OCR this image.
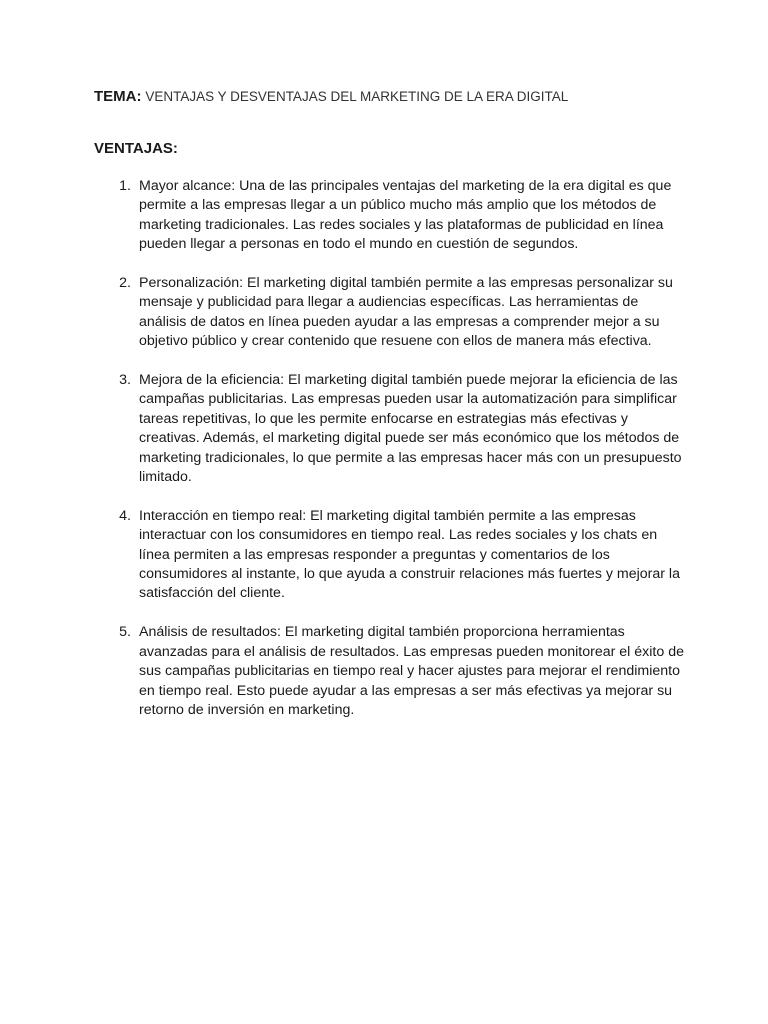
TEMA: VENTAJAS Y DESVENTAJAS DEL MARKETING DE LA ERA DIGITAL
VENTAJAS:
1. Mayor alcance: Una de las principales ventajas del marketing de la era digital es que permite a las empresas llegar a un público mucho más amplio que los métodos de marketing tradicionales. Las redes sociales y las plataformas de publicidad en línea pueden llegar a personas en todo el mundo en cuestión de segundos.
2. Personalización: El marketing digital también permite a las empresas personalizar su mensaje y publicidad para llegar a audiencias específicas. Las herramientas de análisis de datos en línea pueden ayudar a las empresas a comprender mejor a su objetivo público y crear contenido que resuene con ellos de manera más efectiva.
3. Mejora de la eficiencia: El marketing digital también puede mejorar la eficiencia de las campañas publicitarias. Las empresas pueden usar la automatización para simplificar tareas repetitivas, lo que les permite enfocarse en estrategias más efectivas y creativas. Además, el marketing digital puede ser más económico que los métodos de marketing tradicionales, lo que permite a las empresas hacer más con un presupuesto limitado.
4. Interacción en tiempo real: El marketing digital también permite a las empresas interactuar con los consumidores en tiempo real. Las redes sociales y los chats en línea permiten a las empresas responder a preguntas y comentarios de los consumidores al instante, lo que ayuda a construir relaciones más fuertes y mejorar la satisfacción del cliente.
5. Análisis de resultados: El marketing digital también proporciona herramientas avanzadas para el análisis de resultados. Las empresas pueden monitorear el éxito de sus campañas publicitarias en tiempo real y hacer ajustes para mejorar el rendimiento en tiempo real. Esto puede ayudar a las empresas a ser más efectivas ya mejorar su retorno de inversión en marketing.
